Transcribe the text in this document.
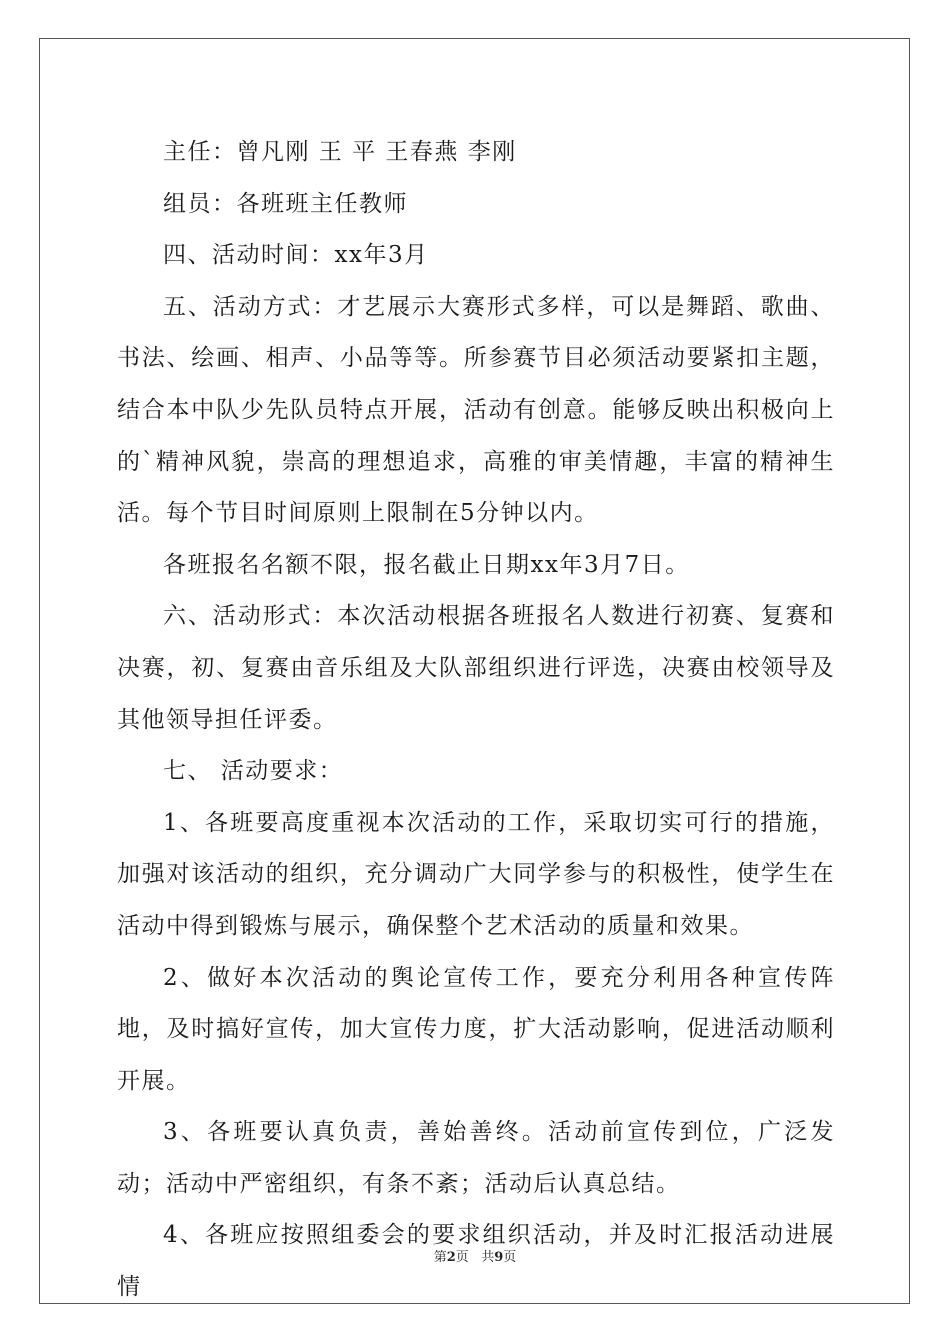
主任：曾凡刚 王 平 王春燕 李刚

组员：各班班主任教师

四、活动时间：xx年3月

五、活动方式：才艺展示大赛形式多样，可以是舞蹈、歌曲、书法、绘画、相声、小品等等。所参赛节目必须活动要紧扣主题，结合本中队少先队员特点开展，活动有创意。能够反映出积极向上的`精神风貌，崇高的理想追求，高雅的审美情趣，丰富的精神生活。每个节目时间原则上限制在5分钟以内。

各班报名名额不限，报名截止日期xx年3月7日。

六、活动形式：本次活动根据各班报名人数进行初赛、复赛和决赛，初、复赛由音乐组及大队部组织进行评选，决赛由校领导及其他领导担任评委。

七、 活动要求：

1、各班要高度重视本次活动的工作，采取切实可行的措施，加强对该活动的组织，充分调动广大同学参与的积极性，使学生在活动中得到锻炼与展示，确保整个艺术活动的质量和效果。

2、做好本次活动的舆论宣传工作，要充分利用各种宣传阵地，及时搞好宣传，加大宣传力度，扩大活动影响，促进活动顺利开展。

3、各班要认真负责，善始善终。活动前宣传到位，广泛发动；活动中严密组织，有条不紊；活动后认真总结。

4、各班应按照组委会的要求组织活动，并及时汇报活动进展情

第2页 共9页
